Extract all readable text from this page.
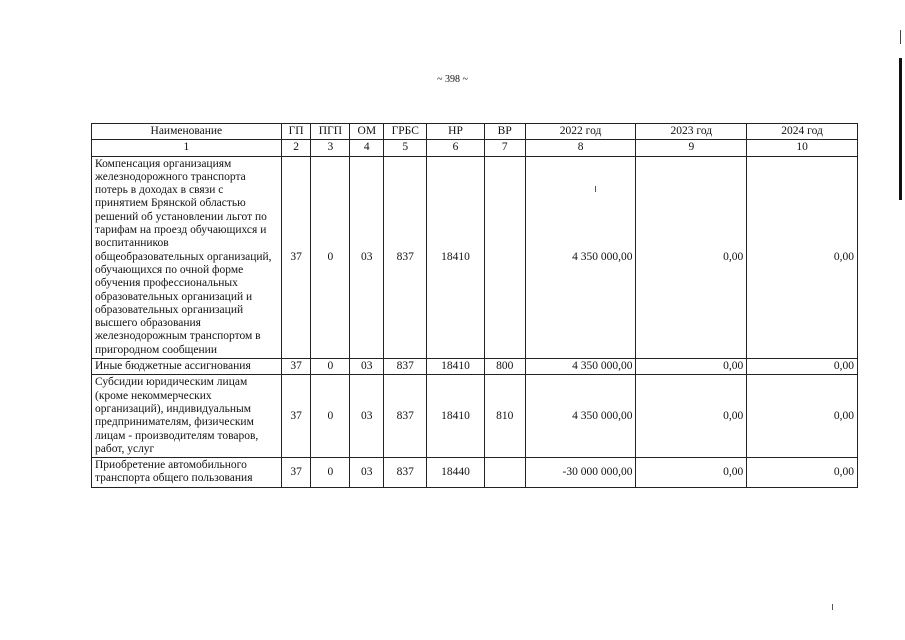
~ 398 ~
Наименование	ГП	ПГП	ОМ	ГРБС	НР	ВР	2022 год	2023 год	2024 год
1	2	3	4	5	6	7	8	9	10
Компенсация организациям железнодорожного транспорта потерь в доходах в связи с принятием Брянской областью решений об установлении льгот по тарифам на проезд обучающихся и воспитанников общеобразовательных организаций, обучающихся по очной форме обучения профессиональных образовательных организаций и образовательных организаций высшего образования железнодорожным транспортом в пригородном сообщении	37	0	03	837	18410		4 350 000,00	0,00	0,00
Иные бюджетные ассигнования	37	0	03	837	18410	800	4 350 000,00	0,00	0,00
Субсидии юридическим лицам (кроме некоммерческих организаций), индивидуальным предпринимателям, физическим лицам - производителям товаров, работ, услуг	37	0	03	837	18410	810	4 350 000,00	0,00	0,00
Приобретение автомобильного транспорта общего пользования	37	0	03	837	18440		-30 000 000,00	0,00	0,00
